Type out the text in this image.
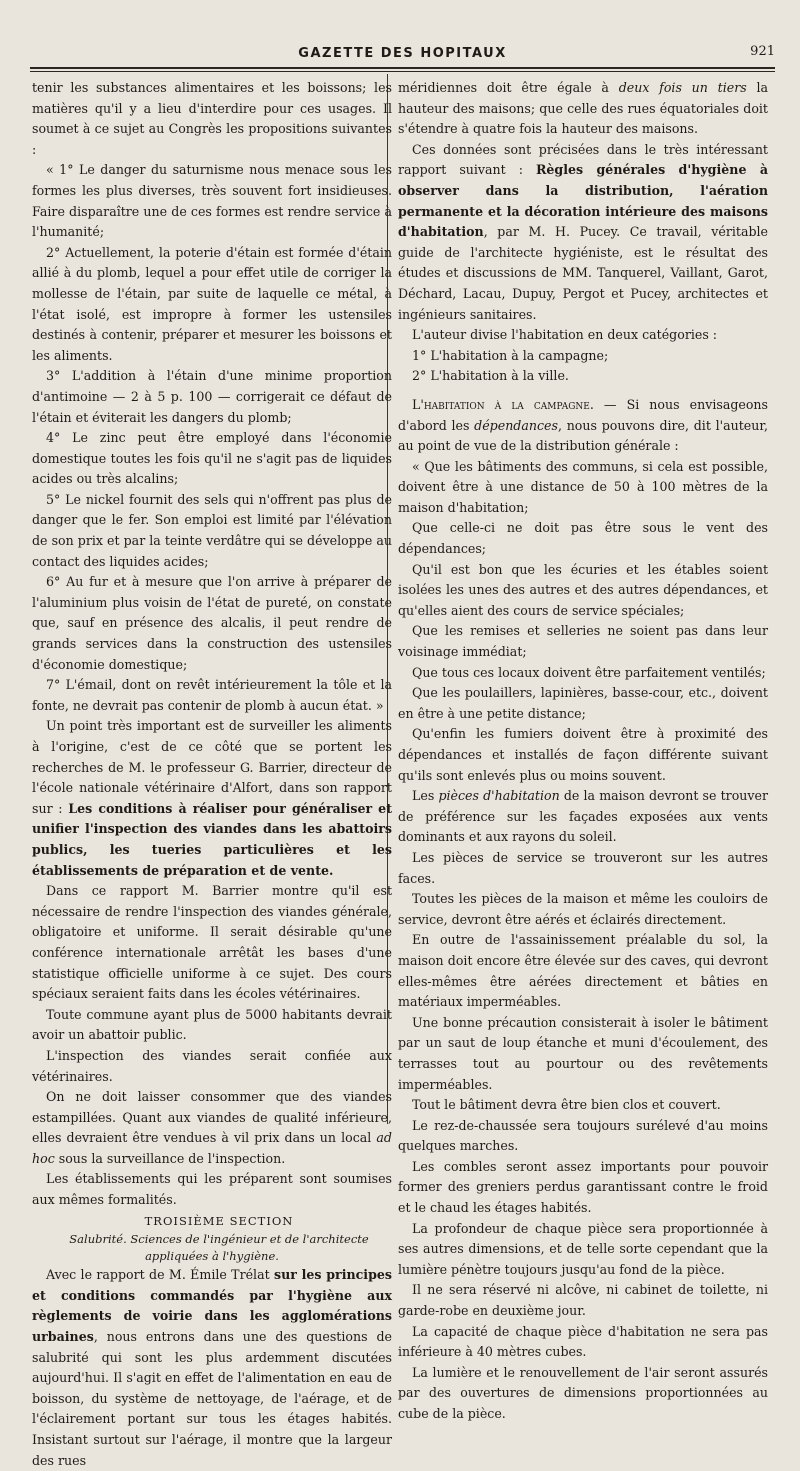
GAZETTE DES HOPITAUX	921

tenir les substances alimentaires et les boissons; les matières qu'il y a lieu d'interdire pour ces usages. Il soumet à ce sujet au Congrès les propositions suivantes :

« 1° Le danger du saturnisme nous menace sous les formes les plus diverses, très souvent fort insidieuses. Faire disparaître une de ces formes est rendre service à l'humanité;

2° Actuellement, la poterie d'étain est formée d'étain allié à du plomb, lequel a pour effet utile de corriger la mollesse de l'étain, par suite de laquelle ce métal, à l'état isolé, est impropre à former les ustensiles destinés à contenir, préparer et mesurer les boissons et les aliments.

3° L'addition à l'étain d'une minime proportion d'antimoine — 2 à 5 p. 100 — corrigerait ce défaut de l'étain et éviterait les dangers du plomb;

4° Le zinc peut être employé dans l'économie domestique toutes les fois qu'il ne s'agit pas de liquides acides ou très alcalins;

5° Le nickel fournit des sels qui n'offrent pas plus de danger que le fer. Son emploi est limité par l'élévation de son prix et par la teinte verdâtre qui se développe au contact des liquides acides;

6° Au fur et à mesure que l'on arrive à préparer de l'aluminium plus voisin de l'état de pureté, on constate que, sauf en présence des alcalis, il peut rendre de grands services dans la construction des ustensiles d'économie domestique;

7° L'émail, dont on revêt intérieurement la tôle et la fonte, ne devrait pas contenir de plomb à aucun état. »

Un point très important est de surveiller les aliments à l'origine, c'est de ce côté que se portent les recherches de M. le professeur G. Barrier, directeur de l'école nationale vétérinaire d'Alfort, dans son rapport sur : Les conditions à réaliser pour généraliser et unifier l'inspection des viandes dans les abattoirs publics, les tueries particulières et les établissements de préparation et de vente.

Dans ce rapport M. Barrier montre qu'il est nécessaire de rendre l'inspection des viandes générale, obligatoire et uniforme. Il serait désirable qu'une conférence internationale arrêtât les bases d'une statistique officielle uniforme à ce sujet. Des cours spéciaux seraient faits dans les écoles vétérinaires.

Toute commune ayant plus de 5000 habitants devrait avoir un abattoir public.

L'inspection des viandes serait confiée aux vétérinaires.

On ne doit laisser consommer que des viandes estampillées. Quant aux viandes de qualité inférieure, elles devraient être vendues à vil prix dans un local ad hoc sous la surveillance de l'inspection.

Les établissements qui les préparent sont soumises aux mêmes formalités.

TROISIÈME SECTION

Salubrité. Sciences de l'ingénieur et de l'architecte appliquées à l'hygiène.

Avec le rapport de M. Émile Trélat sur les principes et conditions commandés par l'hygiène aux règlements de voirie dans les agglomérations urbaines, nous entrons dans une des questions de salubrité qui sont les plus ardemment discutées aujourd'hui. Il s'agit en effet de l'alimentation en eau de boisson, du système de nettoyage, de l'aérage, et de l'éclairement portant sur tous les étages habités. Insistant surtout sur l'aérage, il montre que la largeur des rues

méridiennes doit être égale à deux fois un tiers la hauteur des maisons; que celle des rues équatoriales doit s'étendre à quatre fois la hauteur des maisons.

Ces données sont précisées dans le très intéressant rapport suivant : Règles générales d'hygiène à observer dans la distribution, l'aération permanente et la décoration intérieure des maisons d'habitation, par M. H. Pucey. Ce travail, véritable guide de l'architecte hygiéniste, est le résultat des études et discussions de MM. Tanquerel, Vaillant, Garot, Déchard, Lacau, Dupuy, Pergot et Pucey, architectes et ingénieurs sanitaires.

L'auteur divise l'habitation en deux catégories :

1° L'habitation à la campagne;

2° L'habitation à la ville.

L'habitation à la campagne. — Si nous envisageons d'abord les dépendances, nous pouvons dire, dit l'auteur, au point de vue de la distribution générale :

« Que les bâtiments des communs, si cela est possible, doivent être à une distance de 50 à 100 mètres de la maison d'habitation;

Que celle-ci ne doit pas être sous le vent des dépendances;

Qu'il est bon que les écuries et les étables soient isolées les unes des autres et des autres dépendances, et qu'elles aient des cours de service spéciales;

Que les remises et selleries ne soient pas dans leur voisinage immédiat;

Que tous ces locaux doivent être parfaitement ventilés;

Que les poulaillers, lapinières, basse-cour, etc., doivent en être à une petite distance;

Qu'enfin les fumiers doivent être à proximité des dépendances et installés de façon différente suivant qu'ils sont enlevés plus ou moins souvent.

Les pièces d'habitation de la maison devront se trouver de préférence sur les façades exposées aux vents dominants et aux rayons du soleil.

Les pièces de service se trouveront sur les autres faces.

Toutes les pièces de la maison et même les couloirs de service, devront être aérés et éclairés directement.

En outre de l'assainissement préalable du sol, la maison doit encore être élevée sur des caves, qui devront elles-mêmes être aérées directement et bâties en matériaux imperméables.

Une bonne précaution consisterait à isoler le bâtiment par un saut de loup étanche et muni d'écoulement, des terrasses tout au pourtour ou des revêtements imperméables.

Tout le bâtiment devra être bien clos et couvert.

Le rez-de-chaussée sera toujours surélevé d'au moins quelques marches.

Les combles seront assez importants pour pouvoir former des greniers perdus garantissant contre le froid et le chaud les étages habités.

La profondeur de chaque pièce sera proportionnée à ses autres dimensions, et de telle sorte cependant que la lumière pénètre toujours jusqu'au fond de la pièce.

Il ne sera réservé ni alcôve, ni cabinet de toilette, ni garde-robe en deuxième jour.

La capacité de chaque pièce d'habitation ne sera pas inférieure à 40 mètres cubes.

La lumière et le renouvellement de l'air seront assurés par des ouvertures de dimensions proportionnées au cube de la pièce.
